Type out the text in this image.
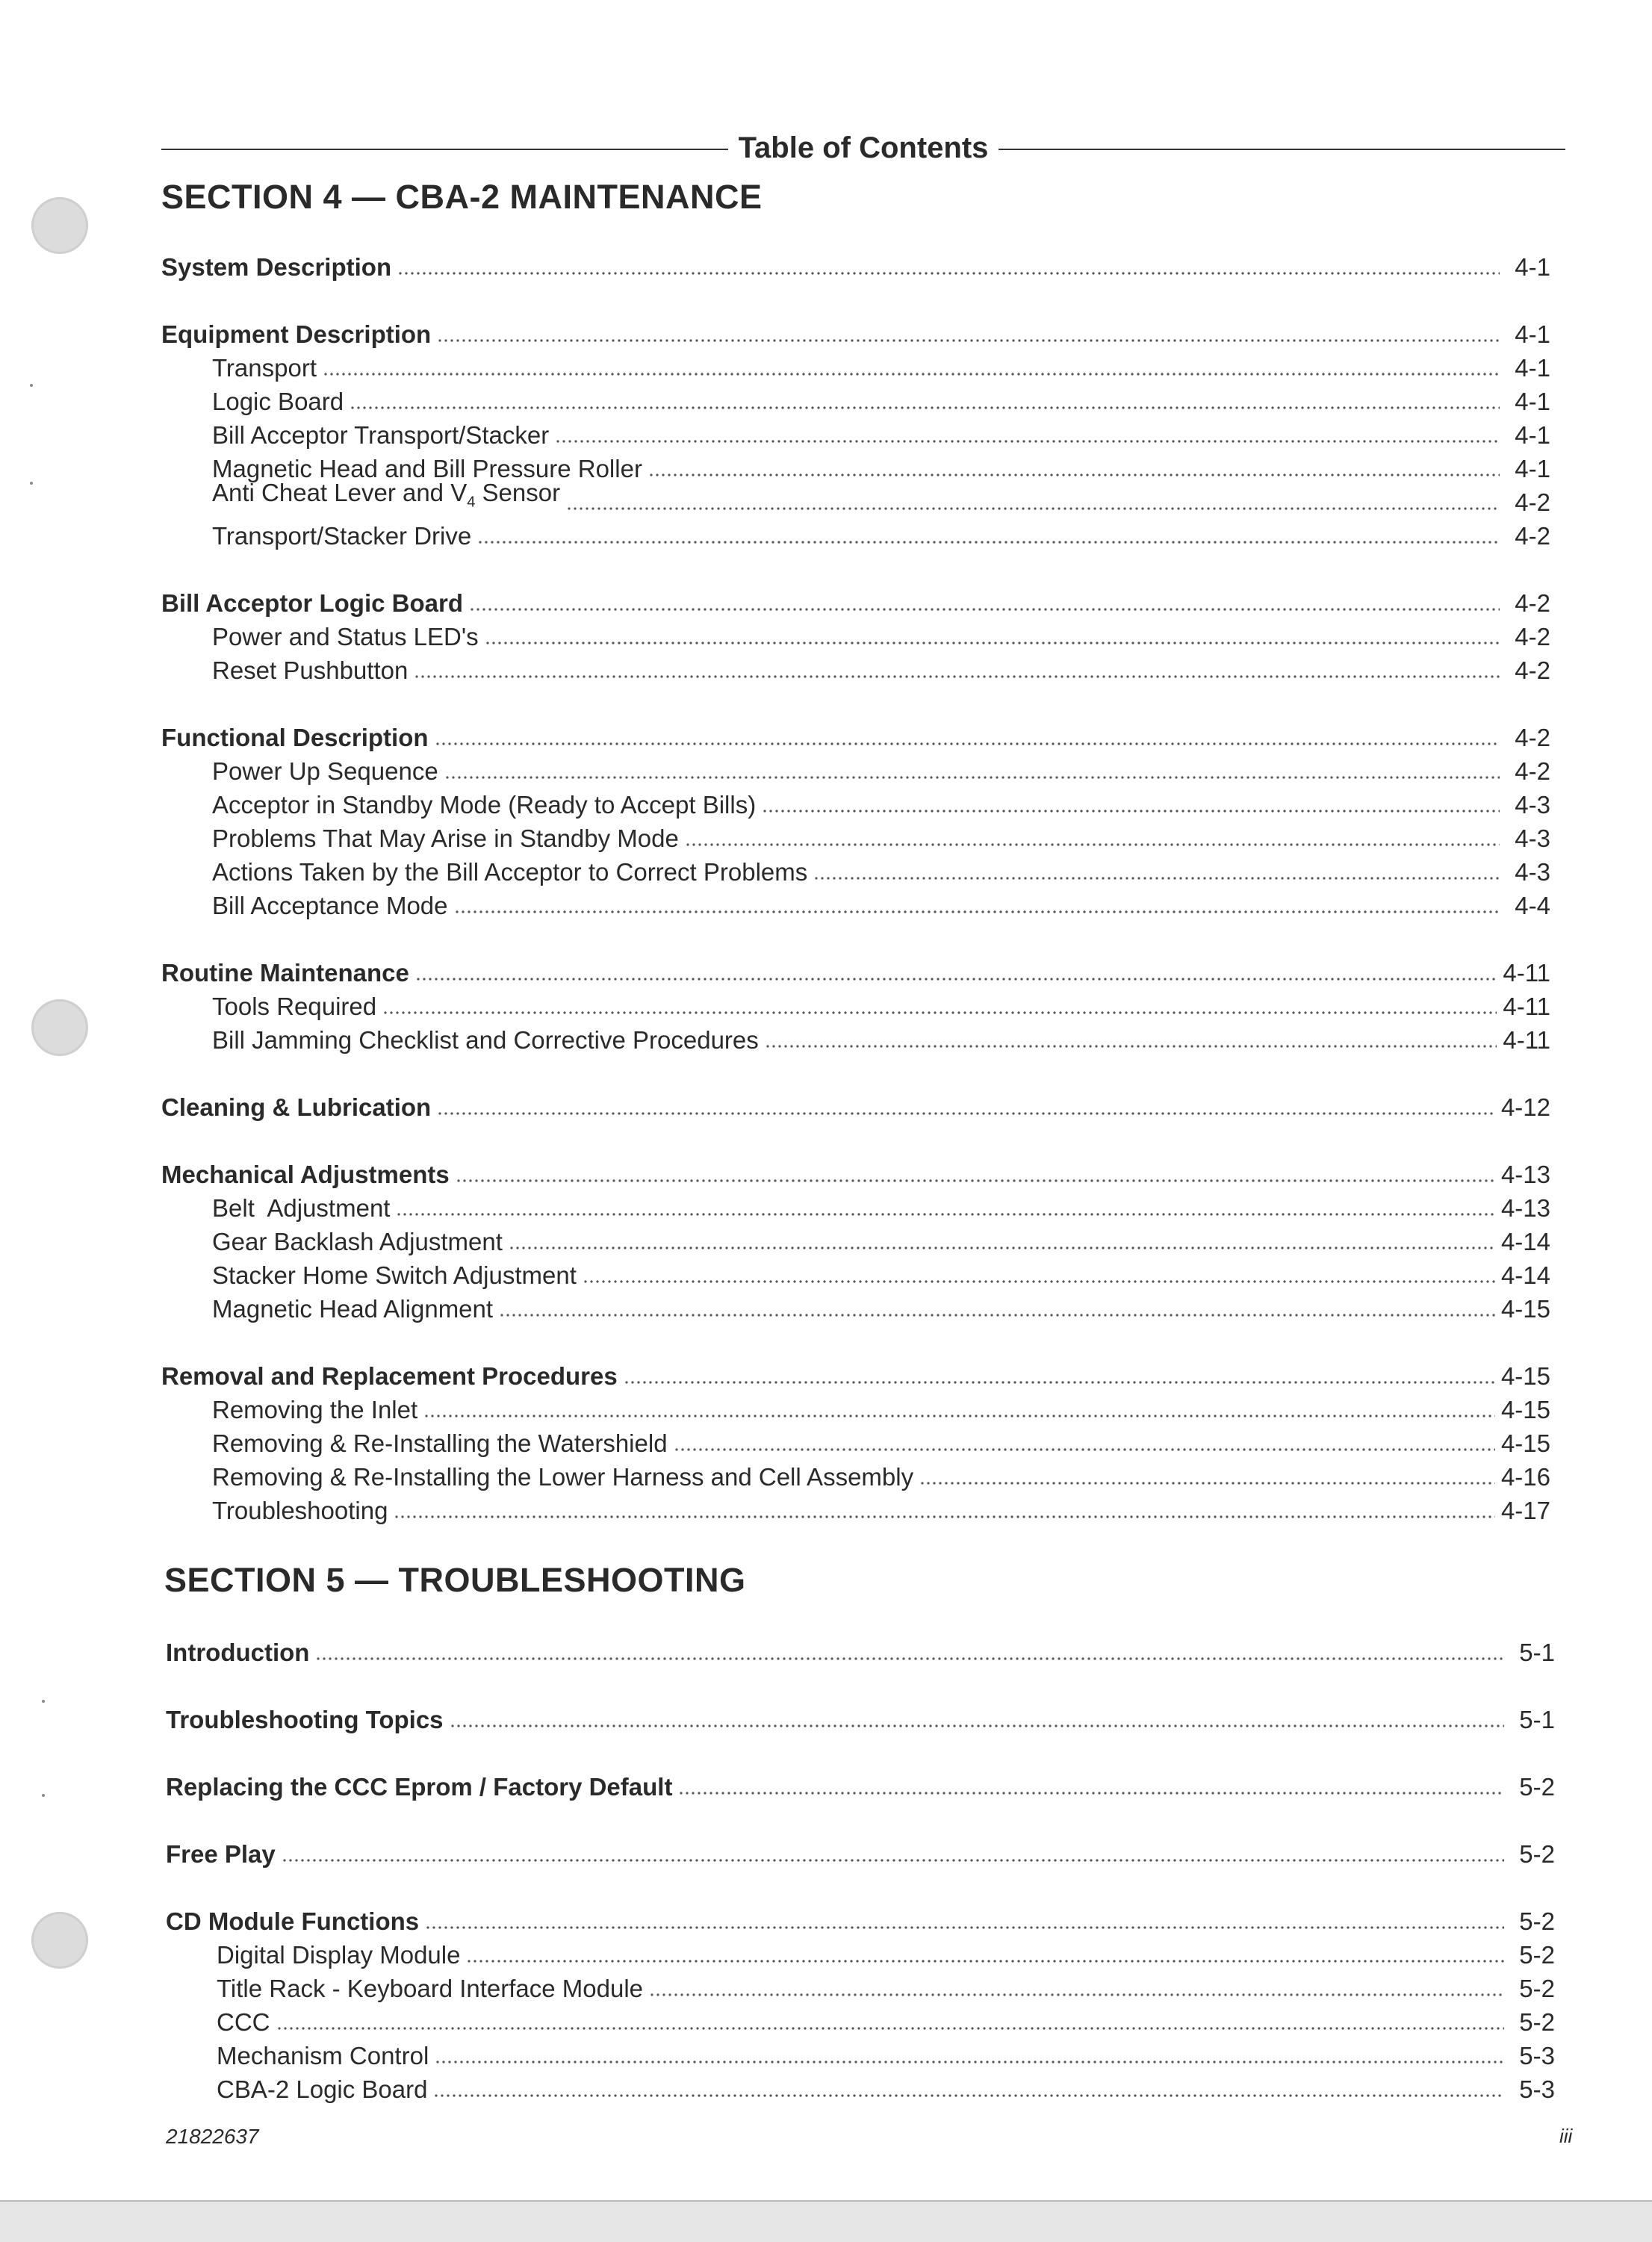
Table of Contents
SECTION 4 — CBA-2 MAINTENANCE
System Description	4-1
Equipment Description	4-1
Transport	4-1
Logic Board	4-1
Bill Acceptor Transport/Stacker	4-1
Magnetic Head and Bill Pressure Roller	4-1
Anti Cheat Lever and $V_4$ Sensor	4-2
Transport/Stacker Drive	4-2
Bill Acceptor Logic Board	4-2
Power and Status LED's	4-2
Reset Pushbutton	4-2
Functional Description	4-2
Power Up Sequence	4-2
Acceptor in Standby Mode (Ready to Accept Bills)	4-3
Problems That May Arise in Standby Mode	4-3
Actions Taken by the Bill Acceptor to Correct Problems	4-3
Bill Acceptance Mode	4-4
Routine Maintenance	4-11
Tools Required	4-11
Bill Jamming Checklist and Corrective Procedures	4-11
Cleaning & Lubrication	4-12
Mechanical Adjustments	4-13
Belt  Adjustment	4-13
Gear Backlash Adjustment	4-14
Stacker Home Switch Adjustment	4-14
Magnetic Head Alignment	4-15
Removal and Replacement Procedures	4-15
Removing the Inlet	4-15
Removing & Re-Installing the Watershield	4-15
Removing & Re-Installing the Lower Harness and Cell Assembly	4-16
Troubleshooting	4-17
SECTION 5 — TROUBLESHOOTING
Introduction	5-1
Troubleshooting Topics	5-1
Replacing the CCC Eprom / Factory Default	5-2
Free Play	5-2
CD Module Functions	5-2
Digital Display Module	5-2
Title Rack - Keyboard Interface Module	5-2
CCC	5-2
Mechanism Control	5-3
CBA-2 Logic Board	5-3
21822637	iii
